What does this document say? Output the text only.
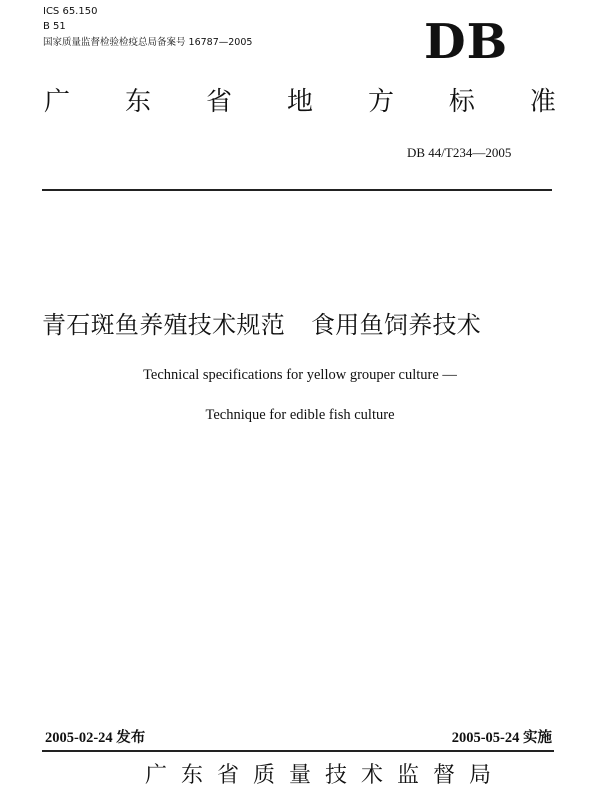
ICS 65.150
B 51
国家质量监督检验检疫总局备案号 16787—2005	DB
广 东 省 地 方 标 准
DB 44/T234—2005
青石斑鱼养殖技术规范 食用鱼饲养技术
Technical specifications for yellow grouper culture —
Technique for edible fish culture
2005-02-24 发布	2005-05-24 实施
广东省质量技术监督局
